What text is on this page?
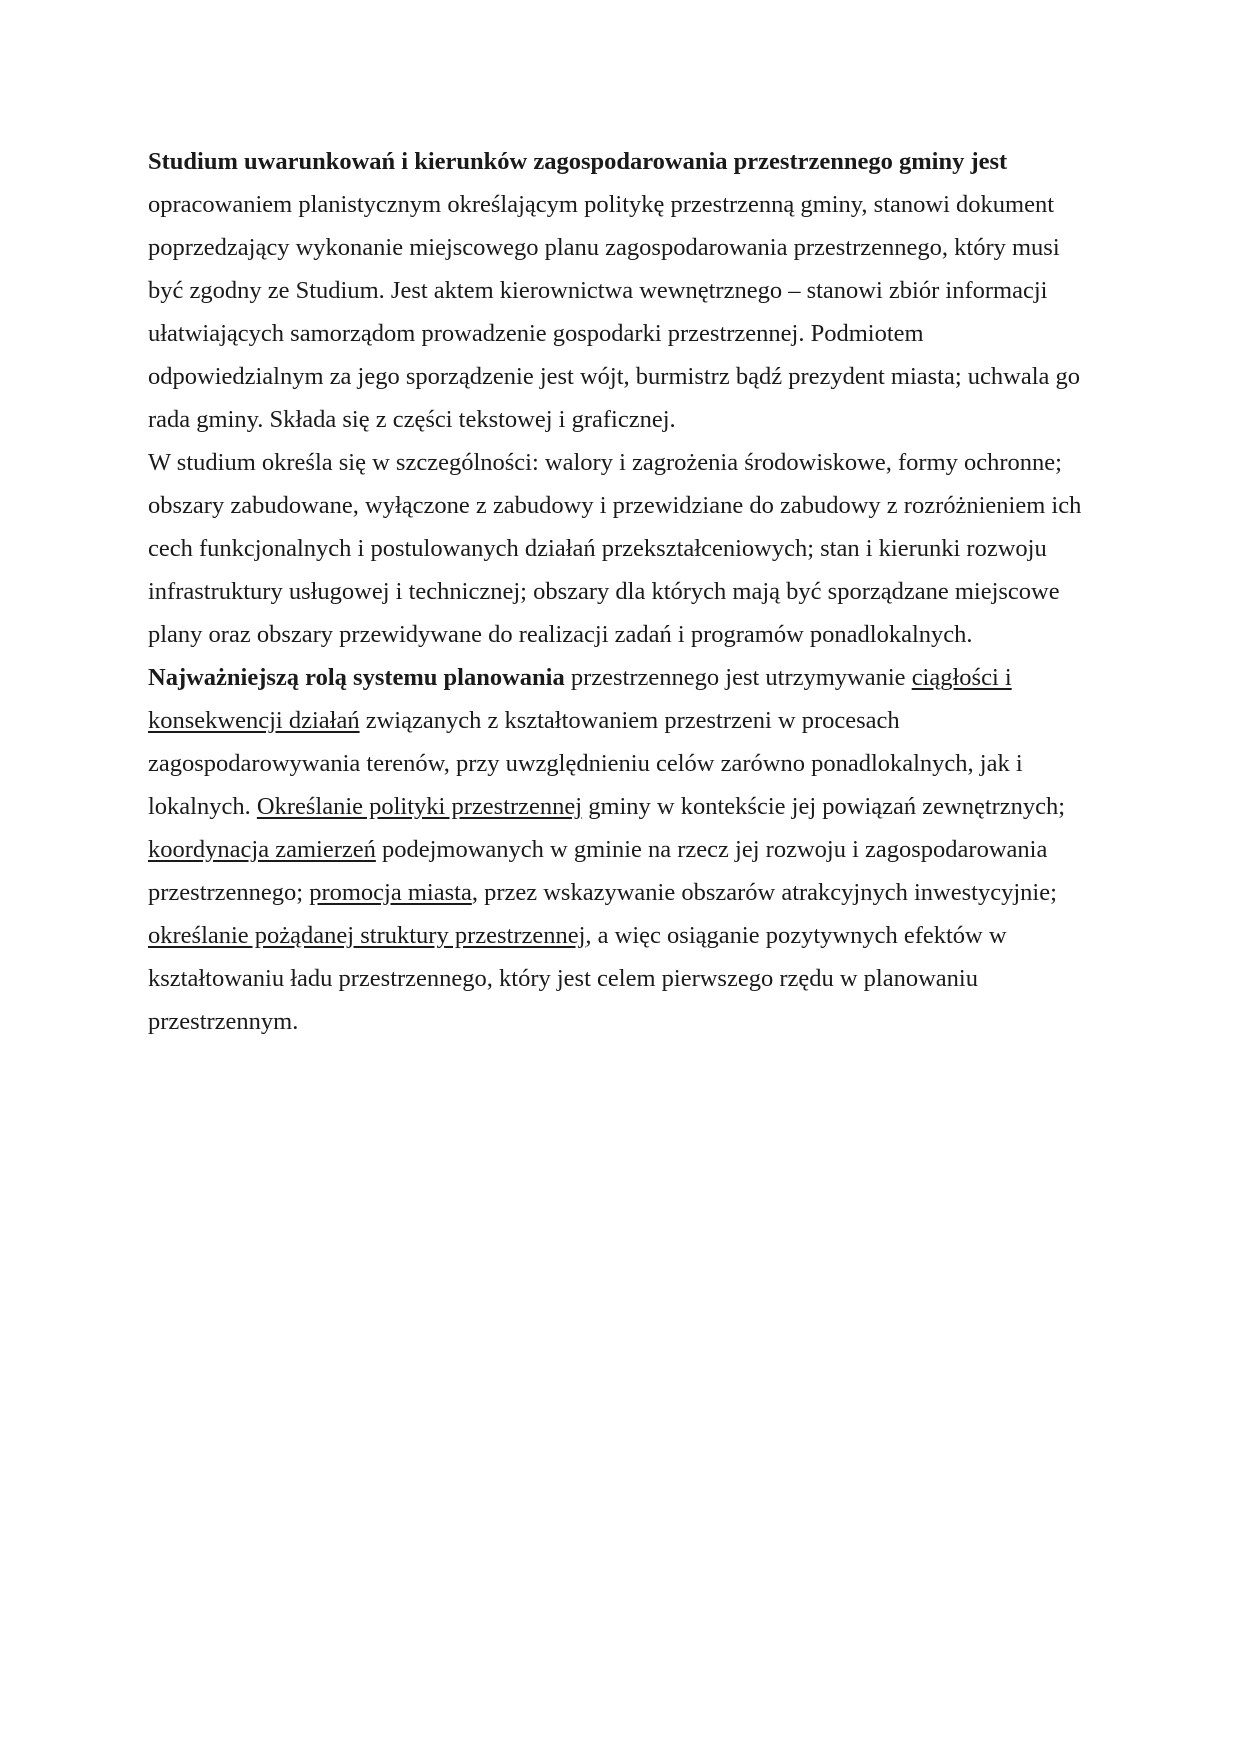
Studium uwarunkowań i kierunków zagospodarowania przestrzennego gminy jest
opracowaniem planistycznym określającym politykę przestrzenną gminy, stanowi dokument poprzedzający wykonanie miejscowego planu zagospodarowania przestrzennego, który musi być zgodny ze Studium. Jest aktem kierownictwa wewnętrznego – stanowi zbiór informacji ułatwiających samorządom prowadzenie gospodarki przestrzennej. Podmiotem odpowiedzialnym za jego sporządzenie jest wójt, burmistrz bądź prezydent miasta; uchwala go rada gminy. Składa się z części tekstowej i graficznej.

W studium określa się w szczególności: walory i zagrożenia środowiskowe, formy ochronne; obszary zabudowane, wyłączone z zabudowy i przewidziane do zabudowy z rozróżnieniem ich cech funkcjonalnych i postulowanych działań przekształceniowych; stan i kierunki rozwoju infrastruktury usługowej i technicznej; obszary dla których mają być sporządzane miejscowe plany oraz obszary przewidywane do realizacji zadań i programów ponadlokalnych.

Najważniejszą rolą systemu planowania przestrzennego jest utrzymywanie ciągłości i konsekwencji działań związanych z kształtowaniem przestrzeni w procesach zagospodarowywania terenów, przy uwzględnieniu celów zarówno ponadlokalnych, jak i lokalnych. Określanie polityki przestrzennej gminy w kontekście jej powiązań zewnętrznych; koordynacja zamierzeń podejmowanych w gminie na rzecz jej rozwoju i zagospodarowania przestrzennego; promocja miasta, przez wskazywanie obszarów atrakcyjnych inwestycyjnie; określanie pożądanej struktury przestrzennej, a więc osiąganie pozytywnych efektów w kształtowaniu ładu przestrzennego, który jest celem pierwszego rzędu w planowaniu przestrzennym.
